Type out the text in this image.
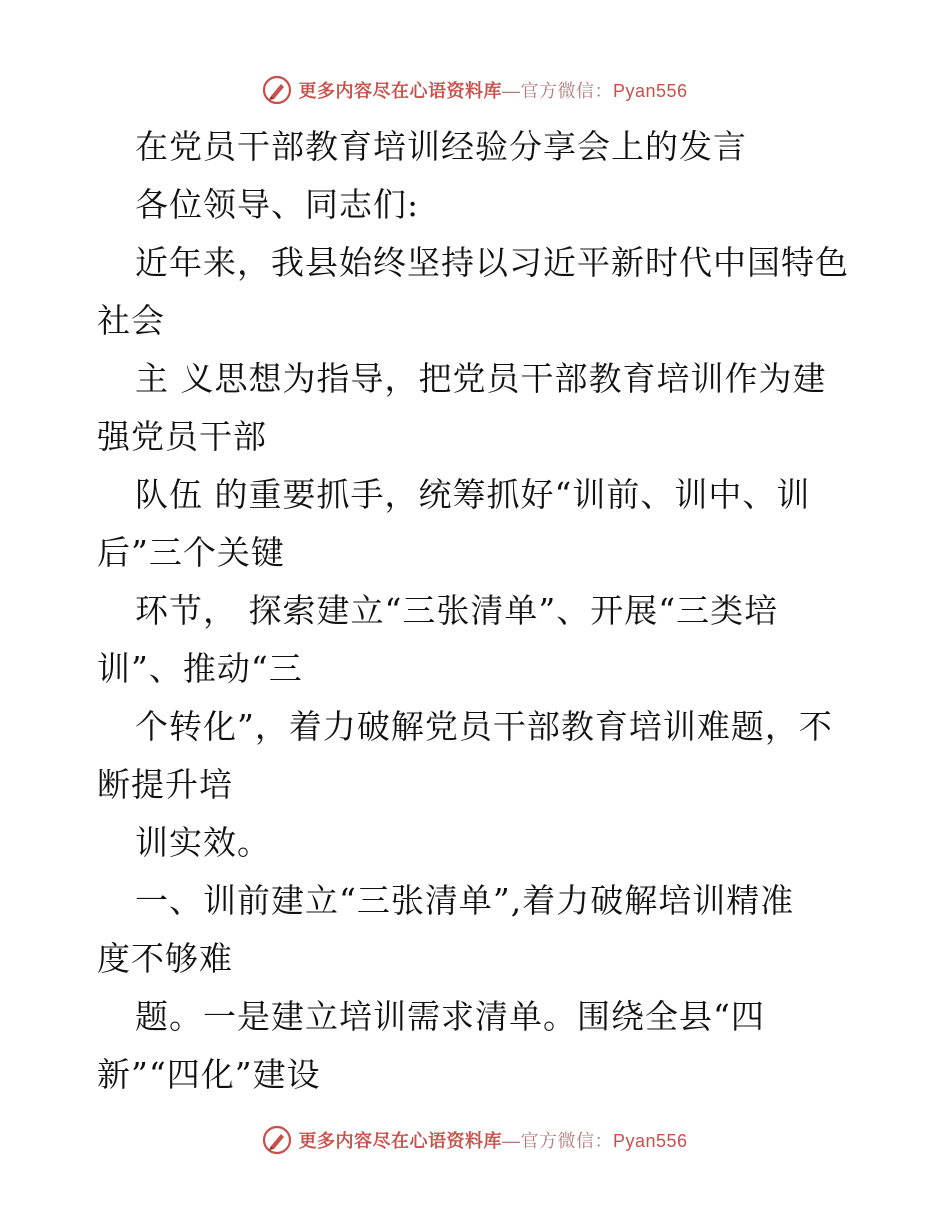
更多内容尽在心语资料库—官方微信：Pyan556
在党员干部教育培训经验分享会上的发言
各位领导、同志们:
近年来，我县始终坚持以习近平新时代中国特色
社会
主 义思想为指导，把党员干部教育培训作为建
强党员干部
队伍 的重要抓手，统筹抓好“训前、训中、训
后”三个关键
环节， 探索建立“三张清单”、开展“三类培
训”、推动“三
个转化”，着力破解党员干部教育培训难题，不
断提升培
训实效。
一、训前建立“三张清单”,着力破解培训精准
度不够难
题。一是建立培训需求清单。围绕全县“四
新”“四化”建设
更多内容尽在心语资料库—官方微信：Pyan556
